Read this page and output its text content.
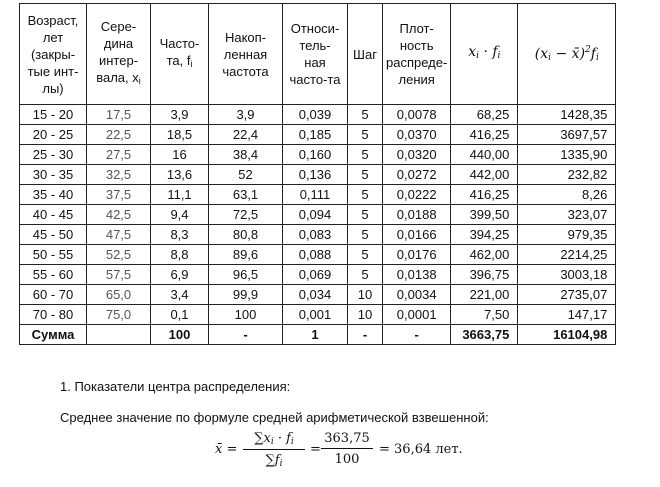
Возраст,
лет
(закры-
тые инт-
лы)	Сере-
дина
интер-
вала, $x_i$	Часто-
та, $f_i$	Накоп-
ленная
частота	Относи-
тель-
ная
часто-та	Шаг	Плот-
ность
распреде-
ления	$x_i \cdot f_i$	($x_i$ − $x̄)^2f_i$
15 - 20	17,5	3,9	3,9	0,039	5	0,0078	68,25	1428,35
20 - 25	22,5	18,5	22,4	0,185	5	0,0370	416,25	3697,57
25 - 30	27,5	16	38,4	0,160	5	0,0320	440,00	1335,90
30 - 35	32,5	13,6	52	0,136	5	0,0272	442,00	232,82
35 - 40	37,5	11,1	63,1	0,111	5	0,0222	416,25	8,26
40 - 45	42,5	9,4	72,5	0,094	5	0,0188	399,50	323,07
45 - 50	47,5	8,3	80,8	0,083	5	0,0166	394,25	979,35
50 - 55	52,5	8,8	89,6	0,088	5	0,0176	462,00	2214,25
55 - 60	57,5	6,9	96,5	0,069	5	0,0138	396,75	3003,18
60 - 70	65,0	3,4	99,9	0,034	10	0,0034	221,00	2735,07
70 - 80	75,0	0,1	100	0,001	10	0,0001	7,50	147,17
Сумма		100	-	1	-	-	3663,75	16104,98
1. Показатели центра распределения:
Среднее значение по формуле средней арифметической взвешенной:
x̄ = $\frac{\sum x_i \cdot f_i}{\sum f_i} = \frac{363,75}{100} = 36,64$ лет.
